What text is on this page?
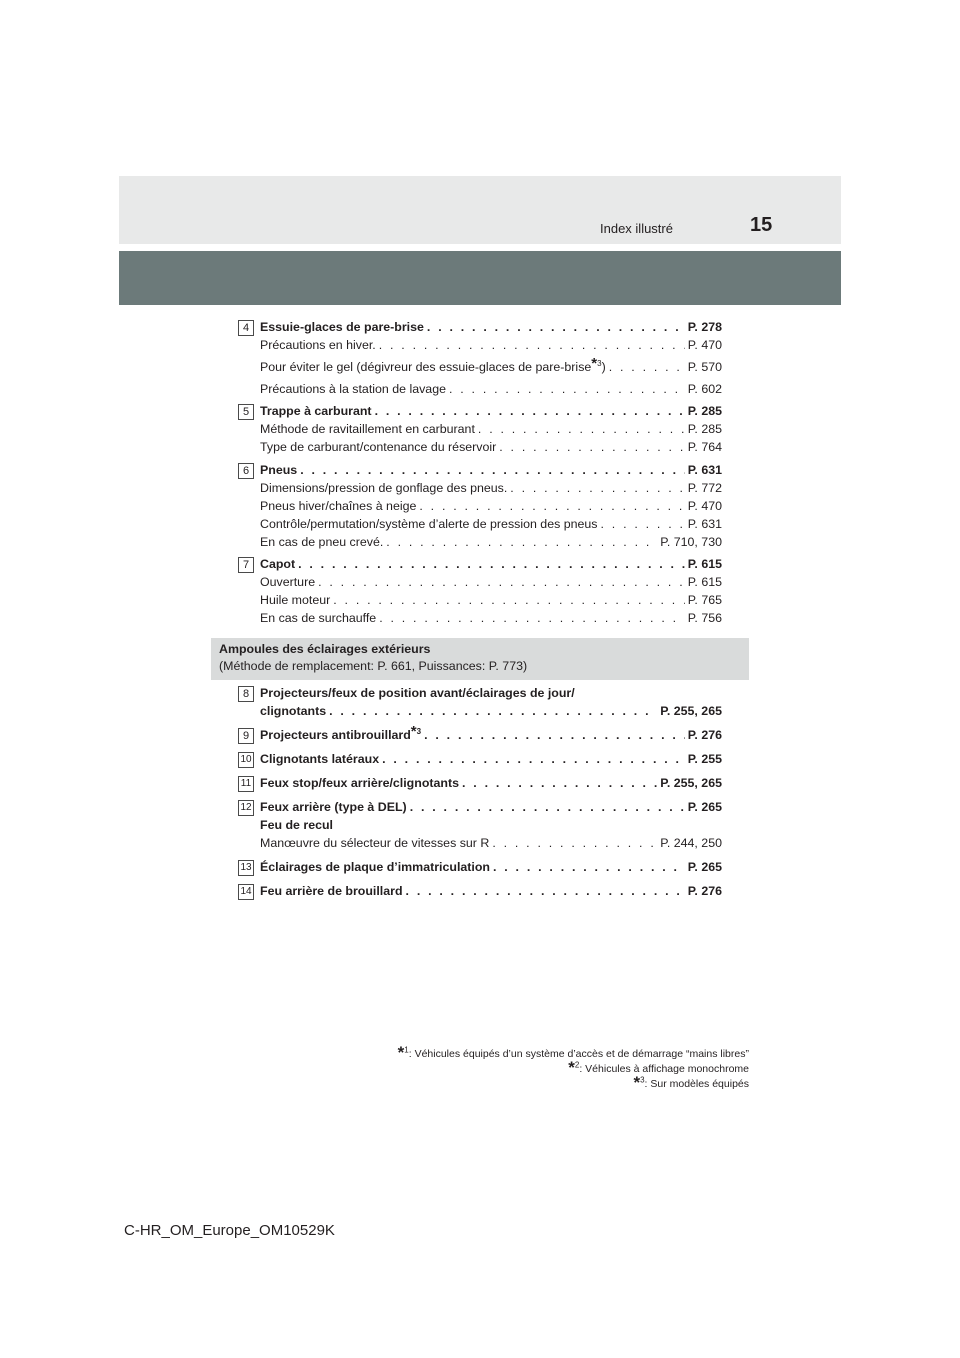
Index illustré	15
4 Essuie-glaces de pare-brise . . .	P. 278
Précautions en hiver. . . .	P. 470
Pour éviter le gel (dégivreur des essuie-glaces de pare-brise*$^3$) . . .	P. 570
Précautions à la station de lavage . . .	P. 602
5 Trappe à carburant . . .	P. 285
Méthode de ravitaillement en carburant . . .	P. 285
Type de carburant/contenance du réservoir . . .	P. 764
6 Pneus . . .	P. 631
Dimensions/pression de gonflage des pneus. . . .	P. 772
Pneus hiver/chaînes à neige . . .	P. 470
Contrôle/permutation/système d’alerte de pression des pneus . . .	P. 631
En cas de pneu crevé. . . .	P. 710, 730
7 Capot . . .	P. 615
Ouverture . . .	P. 615
Huile moteur . . .	P. 765
En cas de surchauffe . . .	P. 756
Ampoules des éclairages extérieurs
(Méthode de remplacement: P. 661, Puissances: P. 773)
8 Projecteurs/feux de position avant/éclairages de jour/
clignotants . . .	P. 255, 265
9 Projecteurs antibrouillard*$^3$ . . .	P. 276
10 Clignotants latéraux . . .	P. 255
11 Feux stop/feux arrière/clignotants . . .	P. 255, 265
12 Feux arrière (type à DEL) . . .	P. 265
Feu de recul
Manœuvre du sélecteur de vitesses sur R . . .	P. 244, 250
13 Éclairages de plaque d’immatriculation . . .	P. 265
14 Feu arrière de brouillard . . .	P. 276
*$^1$: Véhicules équipés d’un système d’accès et de démarrage “mains libres”
*$^2$: Véhicules à affichage monochrome
*$^3$: Sur modèles équipés
C-HR_OM_Europe_OM10529K
